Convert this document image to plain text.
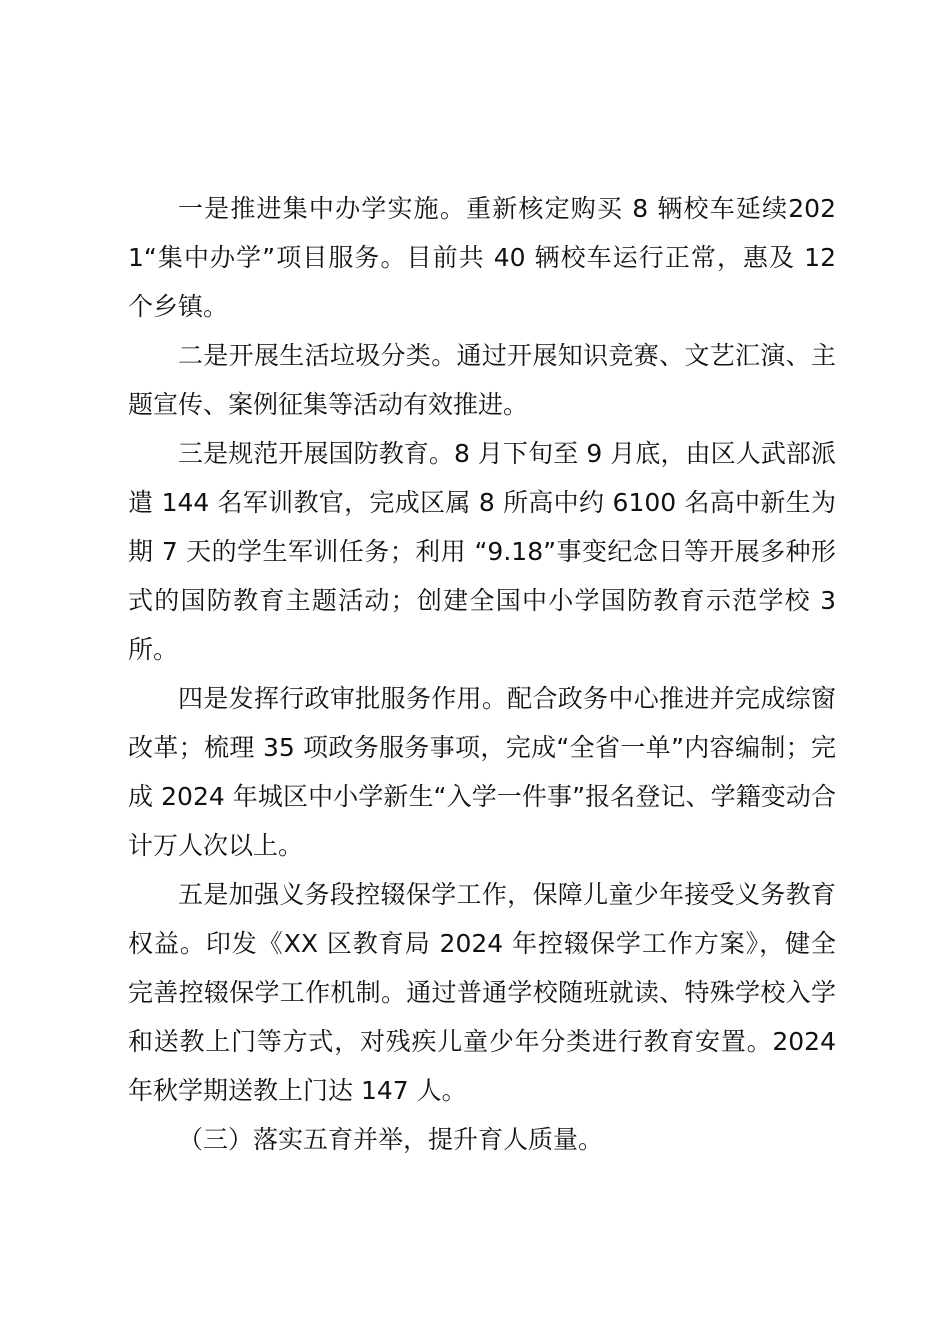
一是推进集中办学实施。重新核定购买 8 辆校车延续2021“集中办学”项目服务。目前共 40 辆校车运行正常，惠及 12 个乡镇。

二是开展生活垃圾分类。通过开展知识竞赛、文艺汇演、主题宣传、案例征集等活动有效推进。

三是规范开展国防教育。8 月下旬至 9 月底，由区人武部派遣 144 名军训教官，完成区属 8 所高中约 6100 名高中新生为期 7 天的学生军训任务；利用 “9.18”事变纪念日等开展多种形式的国防教育主题活动；创建全国中小学国防教育示范学校 3 所。

四是发挥行政审批服务作用。配合政务中心推进并完成综窗改革；梳理 35 项政务服务事项，完成“全省一单”内容编制；完成 2024 年城区中小学新生“入学一件事”报名登记、学籍变动合计万人次以上。

五是加强义务段控辍保学工作，保障儿童少年接受义务教育权益。印发《XX 区教育局 2024 年控辍保学工作方案》，健全完善控辍保学工作机制。通过普通学校随班就读、特殊学校入学和送教上门等方式，对残疾儿童少年分类进行教育安置。2024 年秋学期送教上门达 147 人。

（三）落实五育并举，提升育人质量。
